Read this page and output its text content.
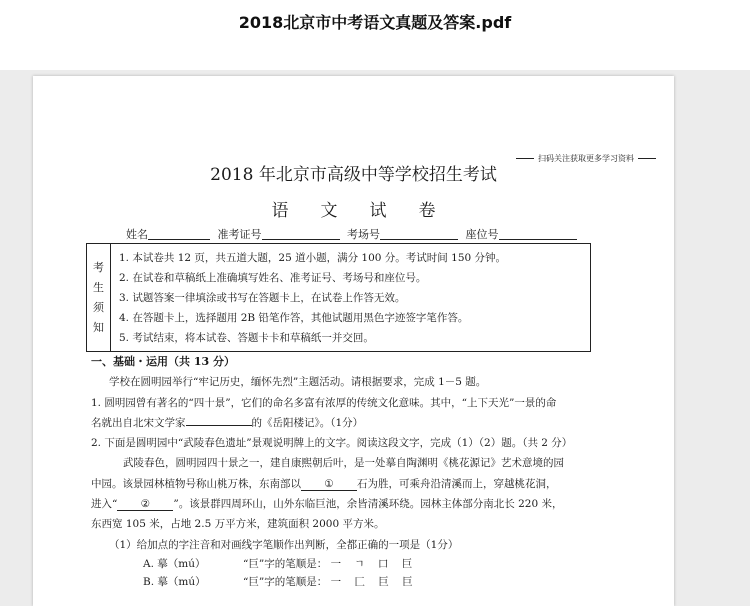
2018北京市中考语文真题及答案.pdf
扫码关注获取更多学习资料
2018 年北京市高级中等学校招生考试
语文试卷
姓名	准考证号	考场号	座位号
考
生
须
知
1. 本试卷共 12 页，共五道大题，25 道小题，满分 100 分。考试时间 150 分钟。
2. 在试卷和草稿纸上准确填写姓名、准考证号、考场号和座位号。
3. 试题答案一律填涂或书写在答题卡上，在试卷上作答无效。
4. 在答题卡上，选择题用 2B 铅笔作答，其他试题用黑色字迹签字笔作答。
5. 考试结束，将本试卷、答题卡卡和草稿纸一并交回。
一、基础・运用（共 13 分）
学校在圆明园举行“牢记历史，缅怀先烈”主题活动。请根据要求，完成 1－5 题。
1. 圆明园曾有著名的“四十景”，它们的命名多富有浓厚的传统文化意味。其中，“上下天光”一景的命
名就出自北宋文学家	的《岳阳楼记》。（1分）
2. 下面是圆明园中“武陵春色遗址”景观说明牌上的文字。阅读这段文字，完成（1）（2）题。（共 2 分）
武陵春色，圆明园四十景之一，建自康熙朝后叶，是一处摹自陶渊明《桃花源记》艺术意境的园
中园。该景园林植物号称山桃万株，东南部以 ① 石为胜，可乘舟沿清溪而上，穿越桃花洞，
进入“ ② ”。该景群四周环山，山外东临巨池，余皆清溪环绕。园林主体部分南北长 220 米，
东西宽 105 米，占地 2.5 万平方米，建筑面积 2000 平方米。
（1）给加点的字注音和对画线字笔顺作出判断，全都正确的一项是（1分）
A. 摹（mú）	“巨”字的笔顺是： 一 ㄱ 口 巨
B. 摹（mú）	“巨”字的笔顺是： 一 匚 巨 巨
